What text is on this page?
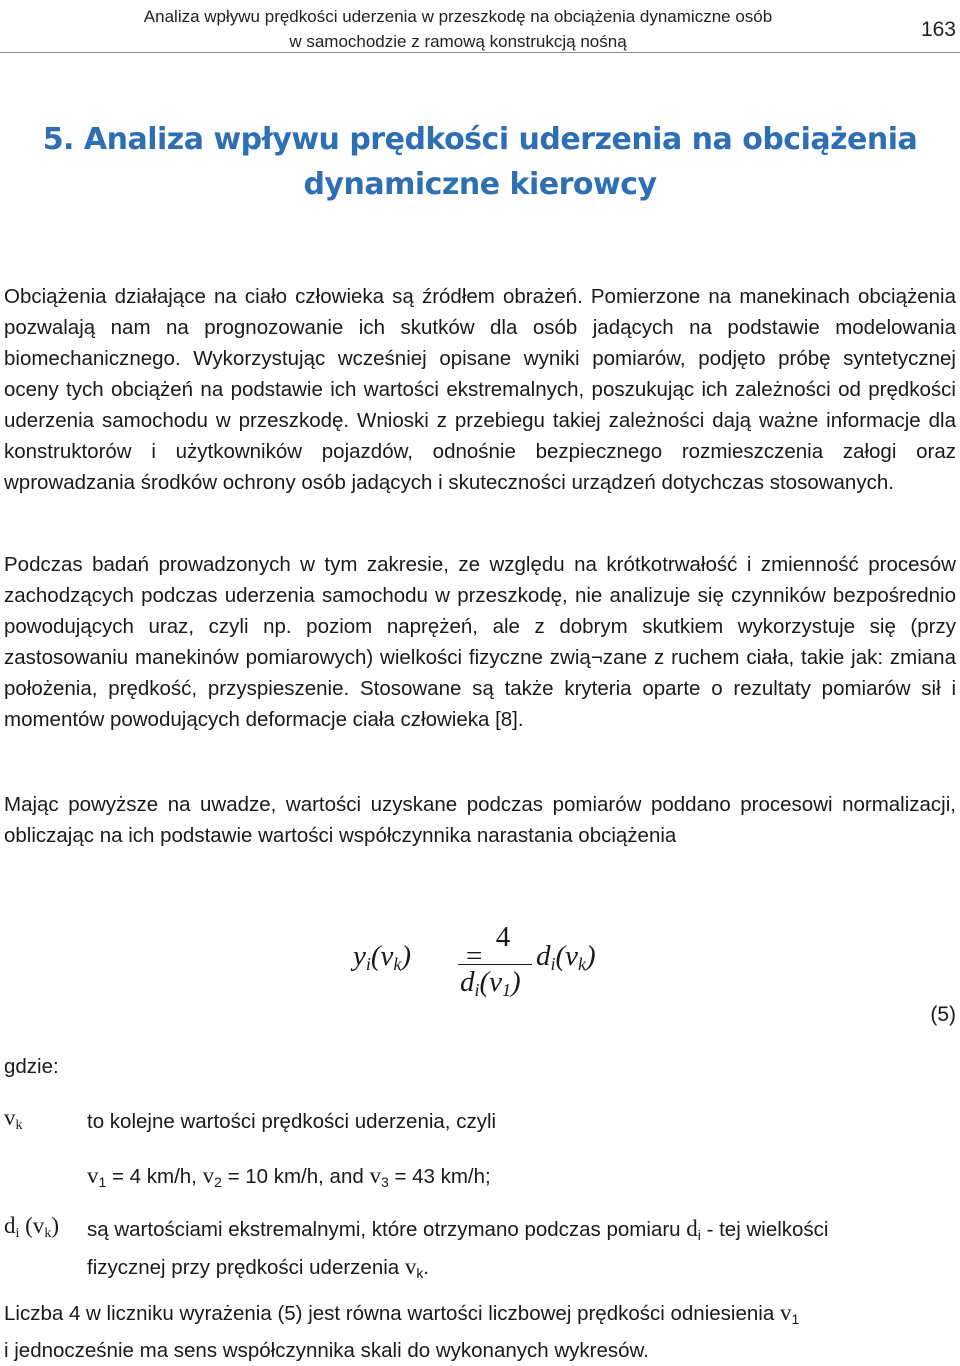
Analiza wpływu prędkości uderzenia w przeszkodę na obciążenia dynamiczne osób
w samochodzie z ramową konstrukcją nośną
163
5. Analiza wpływu prędkości uderzenia na obciążenia
dynamiczne kierowcy

Obciążenia działające na ciało człowieka są źródłem obrażeń. Pomierzone na manekinach obciążenia pozwalają nam na prognozowanie ich skutków dla osób jadących na podstawie modelowania biomechanicznego. Wykorzystując wcześniej opisane wyniki pomiarów, podjęto próbę syntetycznej oceny tych obciążeń na podstawie ich wartości ekstremalnych, poszukując ich zależności od prędkości uderzenia samochodu w przeszkodę. Wnioski z przebiegu takiej zależności dają ważne informacje dla konstruktorów i użytkowników pojazdów, odnośnie bezpiecznego rozmieszczenia załogi oraz wprowadzania środków ochrony osób jadących i skuteczności urządzeń dotychczas stosowanych.

Podczas badań prowadzonych w tym zakresie, ze względu na krótkotrwałość i zmienność procesów zachodzących podczas uderzenia samochodu w przeszkodę, nie analizuje się czynników bezpośrednio powodujących uraz, czyli np. poziom naprężeń, ale z dobrym skutkiem wykorzystuje się (przy zastosowaniu manekinów pomiarowych) wielkości fizyczne zwią¬zane z ruchem ciała, takie jak: zmiana położenia, prędkość, przyspieszenie. Stosowane są także kryteria oparte o rezultaty pomiarów sił i momentów powodujących deformacje ciała człowieka [8].

Mając powyższe na uwadze, wartości uzyskane podczas pomiarów poddano procesowi normalizacji, obliczając na ich podstawie wartości współczynnika narastania obciążenia

$y_i(v_k)$ =
4
$d_i(v_1)$
$d_i(v_k)$
(5)
gdzie:
$v_k$	to kolejne wartości prędkości uderzenia, czyli
$v_1 = 4$ km/h, $v_2 = 10$ km/h, and $v_3 = 43$ km/h;
$d_i$ $(v_k)$ są wartościami ekstremalnymi, które otrzymano podczas pomiaru $d_i$ - tej wielkości
fizycznej przy prędkości uderzenia $v_k$.

Liczba 4 w liczniku wyrażenia (5) jest równa wartości liczbowej prędkości odniesienia $v_1$
i jednocześnie ma sens współczynnika skali do wykonanych wykresów.
